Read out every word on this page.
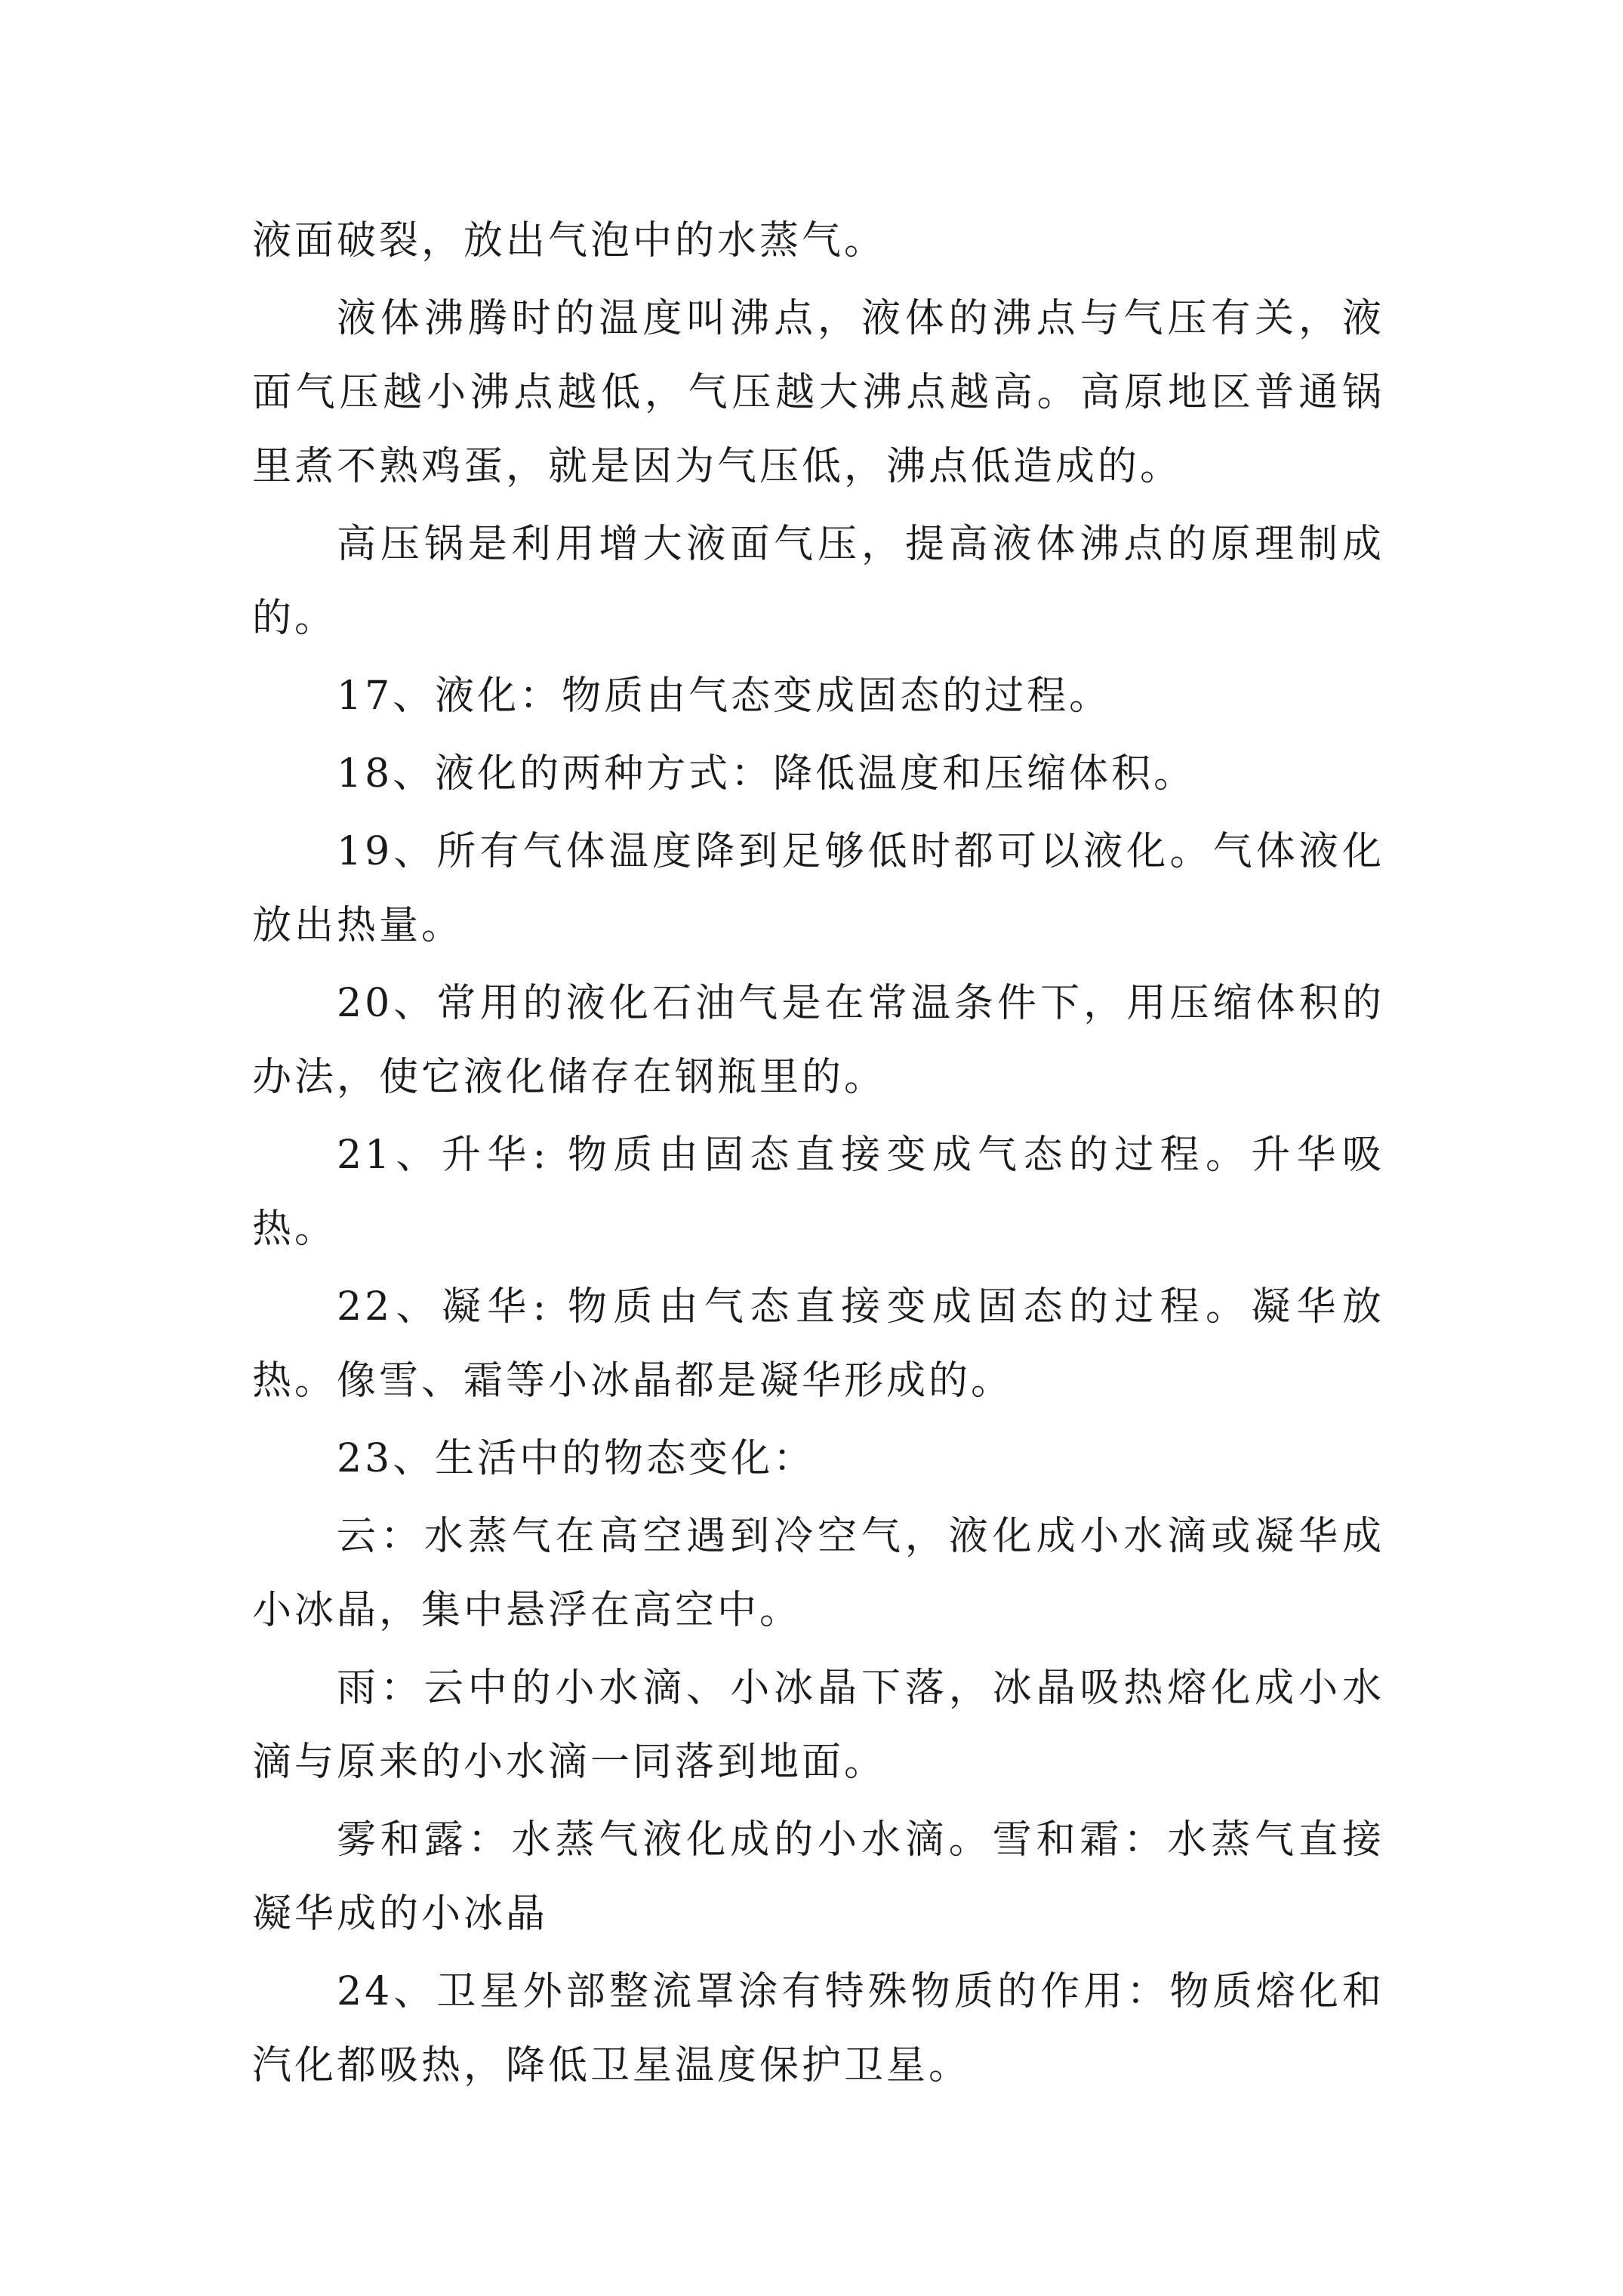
液面破裂，放出气泡中的水蒸气。

液体沸腾时的温度叫沸点，液体的沸点与气压有关，液面气压越小沸点越低，气压越大沸点越高。高原地区普通锅里煮不熟鸡蛋，就是因为气压低，沸点低造成的。

高压锅是利用增大液面气压，提高液体沸点的原理制成的。

17、液化：物质由气态变成固态的过程。

18、液化的两种方式：降低温度和压缩体积。

19、所有气体温度降到足够低时都可以液化。气体液化放出热量。

20、常用的液化石油气是在常温条件下，用压缩体积的办法，使它液化储存在钢瓶里的。

21、升华: 物质由固态直接变成气态的过程。升华吸热。

22、凝华: 物质由气态直接变成固态的过程。凝华放热。像雪、霜等小冰晶都是凝华形成的。

23、生活中的物态变化：

云：水蒸气在高空遇到冷空气，液化成小水滴或凝华成小冰晶，集中悬浮在高空中。

雨：云中的小水滴、小冰晶下落，冰晶吸热熔化成小水滴与原来的小水滴一同落到地面。

雾和露：水蒸气液化成的小水滴。雪和霜：水蒸气直接凝华成的小冰晶

24、卫星外部整流罩涂有特殊物质的作用：物质熔化和汽化都吸热，降低卫星温度保护卫星。
